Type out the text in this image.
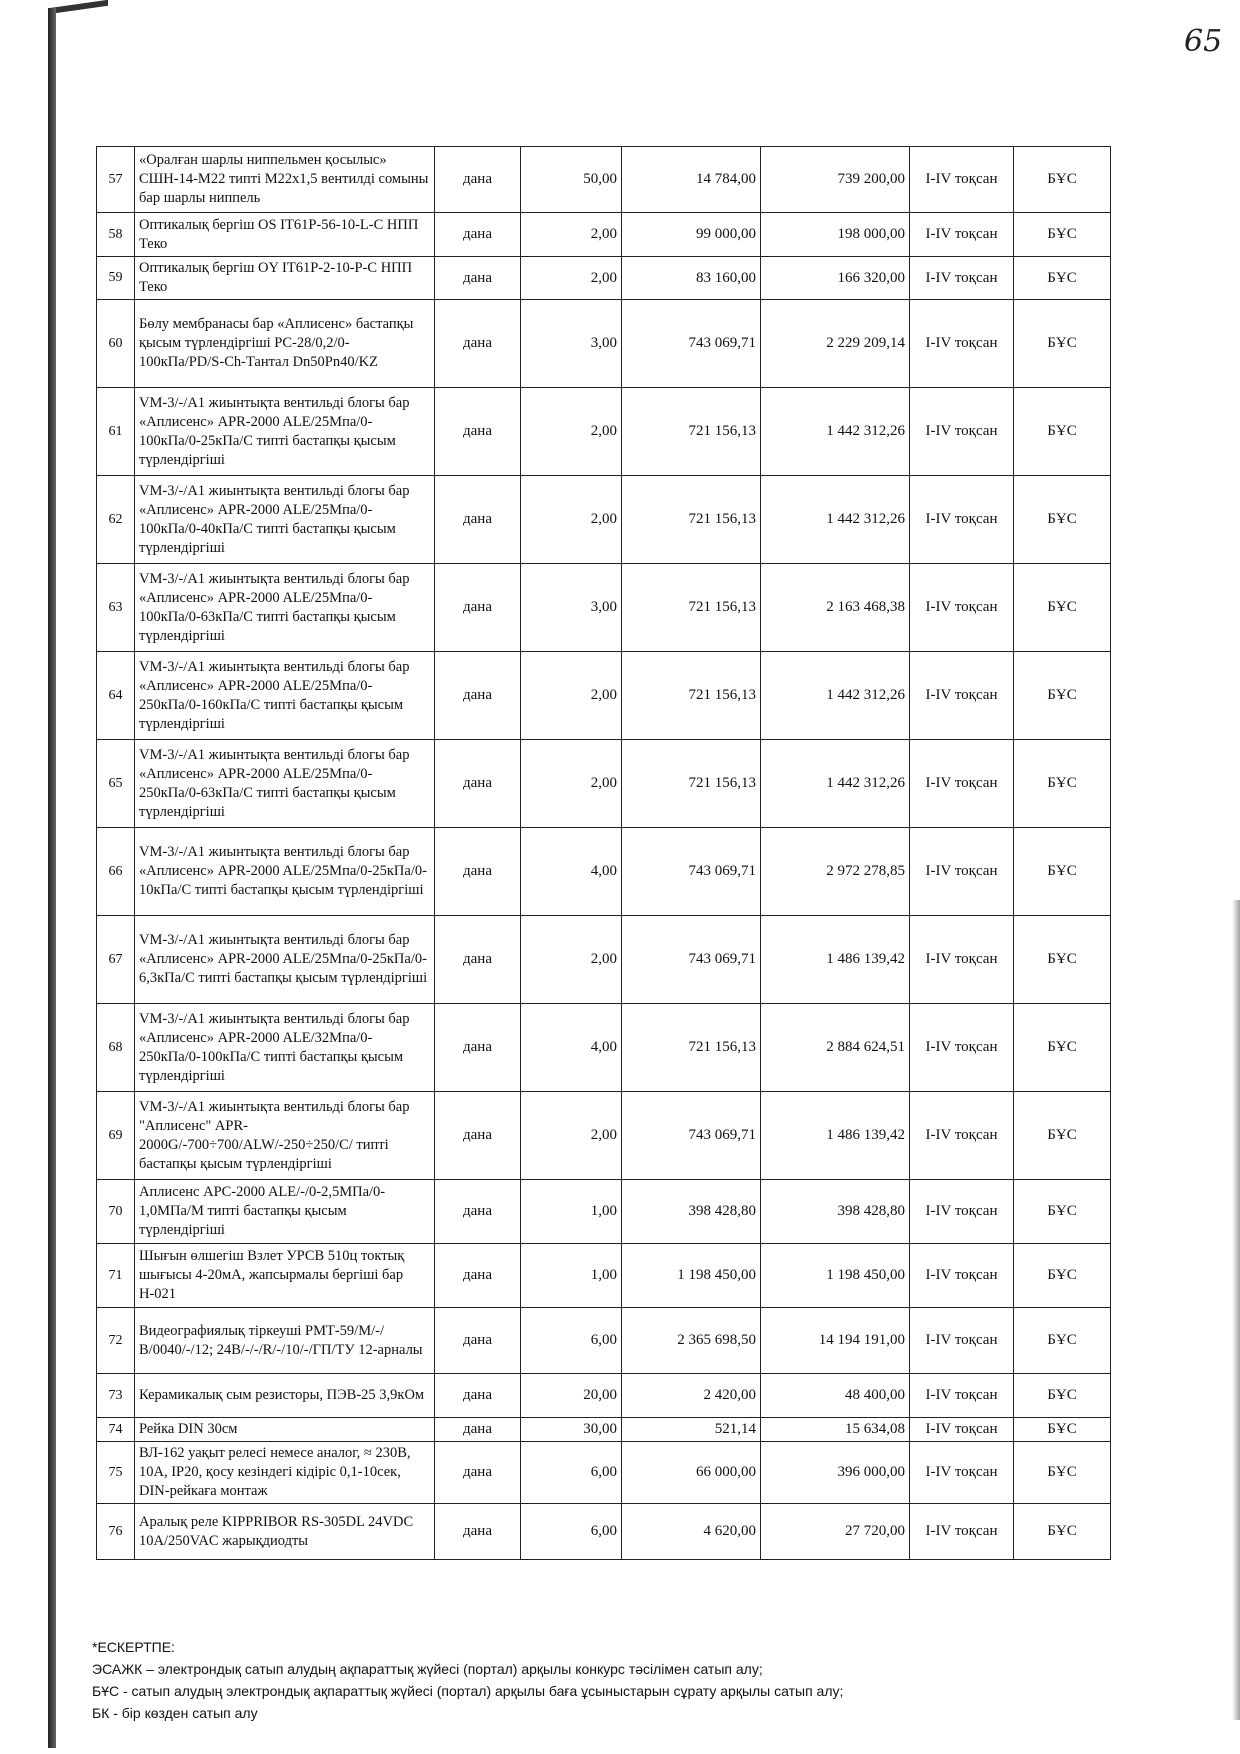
65
57	«Оралған шарлы ниппельмен қосылыс» СШН-14-М22 типті М22х1,5 вентилді сомыны бар шарлы ниппель	дана	50,00	14 784,00	739 200,00	І-ІV тоқсан	БҰС
58	Оптикалық бергіш OS IT61P-56-10-L-C НПП Теко	дана	2,00	99 000,00	198 000,00	І-ІV тоқсан	БҰС
59	Оптикалық бергіш OY IT61P-2-10-P-C НПП Теко	дана	2,00	83 160,00	166 320,00	І-ІV тоқсан	БҰС
60	Бөлу мембранасы бар «Аплисенс» бастапқы қысым түрлендіргіші PC-28/0,2/0-100кПа/PD/S-Ch-Тантал Dn50Pn40/KZ	дана	3,00	743 069,71	2 229 209,14	І-ІV тоқсан	БҰС
61	VM-3/-/A1 жиынтықта вентильді блогы бар «Аплисенс» APR-2000 ALE/25Мпа/0-100кПа/0-25кПа/С типті бастапқы қысым түрлендіргіші	дана	2,00	721 156,13	1 442 312,26	І-ІV тоқсан	БҰС
62	VM-3/-/A1 жиынтықта вентильді блогы бар «Аплисенс» APR-2000 ALE/25Мпа/0-100кПа/0-40кПа/С типті бастапқы қысым түрлендіргіші	дана	2,00	721 156,13	1 442 312,26	І-ІV тоқсан	БҰС
63	VM-3/-/A1 жиынтықта вентильді блогы бар «Аплисенс» APR-2000 ALE/25Мпа/0-100кПа/0-63кПа/С типті бастапқы қысым түрлендіргіші	дана	3,00	721 156,13	2 163 468,38	І-ІV тоқсан	БҰС
64	VM-3/-/A1 жиынтықта вентильді блогы бар «Аплисенс» APR-2000 ALE/25Мпа/0-250кПа/0-160кПа/С типті бастапқы қысым түрлендіргіші	дана	2,00	721 156,13	1 442 312,26	І-ІV тоқсан	БҰС
65	VM-3/-/A1 жиынтықта вентильді блогы бар «Аплисенс» APR-2000 ALE/25Мпа/0-250кПа/0-63кПа/С типті бастапқы қысым түрлендіргіші	дана	2,00	721 156,13	1 442 312,26	І-ІV тоқсан	БҰС
66	VM-3/-/A1 жиынтықта вентильді блогы бар «Аплисенс» APR-2000 ALE/25Мпа/0-25кПа/0-10кПа/С типті бастапқы қысым түрлендіргіші	дана	4,00	743 069,71	2 972 278,85	І-ІV тоқсан	БҰС
67	VM-3/-/A1 жиынтықта вентильді блогы бар «Аплисенс» APR-2000 ALE/25Мпа/0-25кПа/0-6,3кПа/С типті бастапқы қысым түрлендіргіші	дана	2,00	743 069,71	1 486 139,42	І-ІV тоқсан	БҰС
68	VM-3/-/A1 жиынтықта вентильді блогы бар «Аплисенс» APR-2000 ALE/32Мпа/0-250кПа/0-100кПа/С типті бастапқы қысым түрлендіргіші	дана	4,00	721 156,13	2 884 624,51	І-ІV тоқсан	БҰС
69	VM-3/-/A1 жиынтықта вентильді блогы бар "Аплисенс" APR-2000G/-700÷700/ALW/-250÷250/C/ типті бастапқы қысым түрлендіргіші	дана	2,00	743 069,71	1 486 139,42	І-ІV тоқсан	БҰС
70	Аплисенс APC-2000 ALE/-/0-2,5МПа/0-1,0МПа/М типті бастапқы қысым түрлендіргіші	дана	1,00	398 428,80	398 428,80	І-ІV тоқсан	БҰС
71	Шығын өлшегіш Взлет УРСВ 510ц токтық шығысы 4-20мА, жапсырмалы бергіші бар Н-021	дана	1,00	1 198 450,00	1 198 450,00	І-ІV тоқсан	БҰС
72	Видеографиялық тіркеуші РМТ-59/М/-/В/0040/-/12; 24В/-/-/R/-/10/-/ГП/ТУ 12-арналы	дана	6,00	2 365 698,50	14 194 191,00	І-ІV тоқсан	БҰС
73	Керамикалық сым резисторы, ПЭВ-25 3,9кОм	дана	20,00	2 420,00	48 400,00	І-ІV тоқсан	БҰС
74	Рейка DIN 30см	дана	30,00	521,14	15 634,08	І-ІV тоқсан	БҰС
75	ВЛ-162 уақыт релесі немесе аналог, ≈ 230В, 10А, IP20, қосу кезіндегі кідіріс 0,1-10сек, DIN-рейкаға монтаж	дана	6,00	66 000,00	396 000,00	І-ІV тоқсан	БҰС
76	Аралық реле KIPPRIBOR RS-305DL 24VDC 10A/250VAC жарықдиодты	дана	6,00	4 620,00	27 720,00	І-ІV тоқсан	БҰС
*ЕСКЕРТПЕ:
ЭСАЖК – электрондық сатып алудың ақпараттық жүйесі (портал) арқылы конкурс тәсілімен сатып алу;
БҰС - сатып алудың электрондық ақпараттық жүйесі (портал) арқылы баға ұсыныстарын сұрату арқылы сатып алу;
БК - бір көзден сатып алу
